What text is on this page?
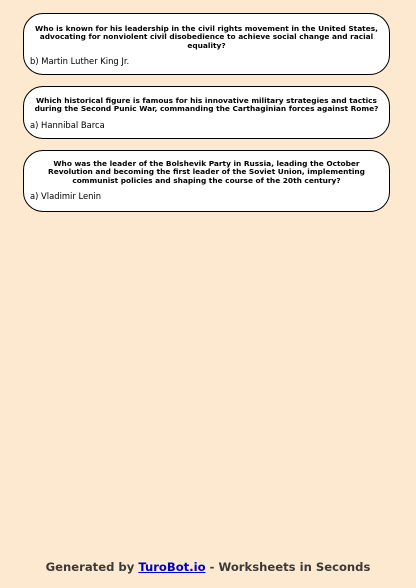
Who is known for his leadership in the civil rights movement in the United States, advocating for nonviolent civil disobedience to achieve social change and racial equality?

b) Martin Luther King Jr.

Which historical figure is famous for his innovative military strategies and tactics during the Second Punic War, commanding the Carthaginian forces against Rome?

a) Hannibal Barca

Who was the leader of the Bolshevik Party in Russia, leading the October Revolution and becoming the first leader of the Soviet Union, implementing communist policies and shaping the course of the 20th century?

a) Vladimir Lenin

Generated by TuroBot.io - Worksheets in Seconds
